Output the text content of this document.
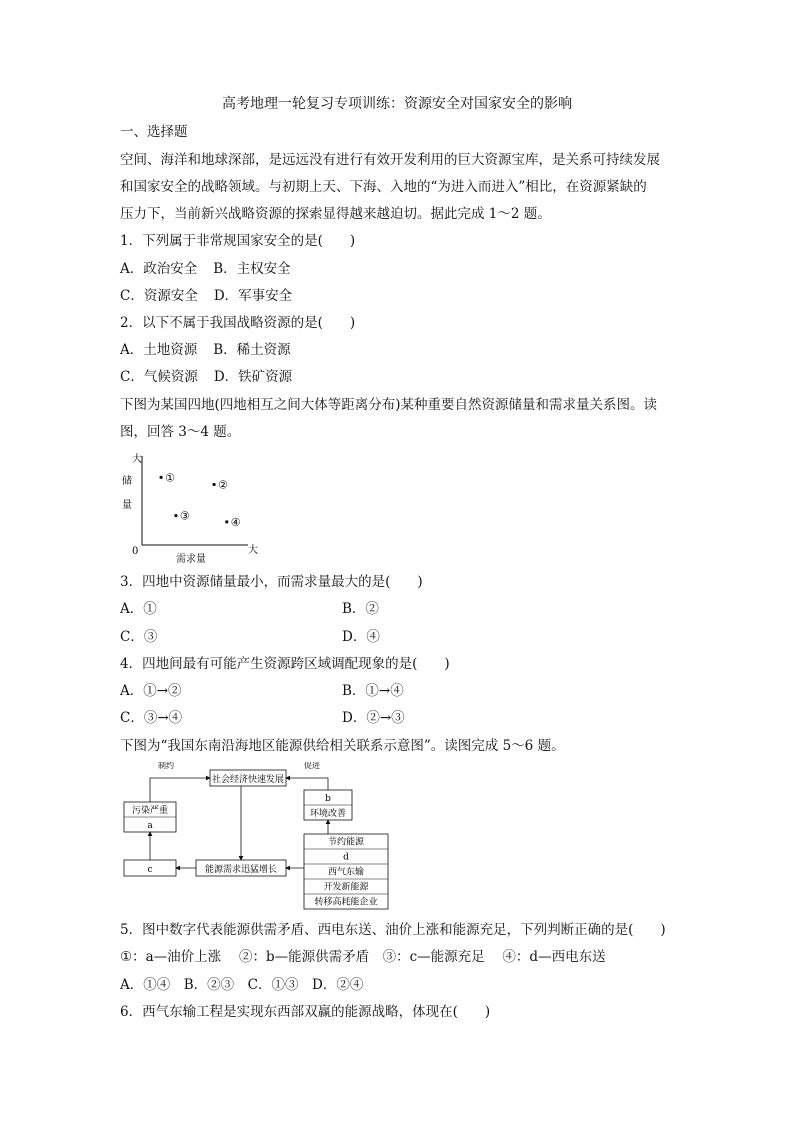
高考地理一轮复习专项训练：资源安全对国家安全的影响
一、选择题
空间、海洋和地球深部，是远远没有进行有效开发利用的巨大资源宝库，是关系可持续发展
和国家安全的战略领域。与初期上天、下海、入地的“为进入而进入”相比，在资源紧缺的
压力下，当前新兴战略资源的探索显得越来越迫切。据此完成 1～2 题。
1．下列属于非常规国家安全的是(　　)
A．政治安全 B．主权安全
C．资源安全 D．军事安全
2．以下不属于我国战略资源的是(　　)
A．土地资源 B．稀土资源
C．气候资源 D．铁矿资源
下图为某国四地(四地相互之间大体等距离分布)某种重要自然资源储量和需求量关系图。读
图，回答 3～4 题。
大
储
量
0
需求量
大
①
②
③	④
3．四地中资源储量最小，而需求量最大的是(　　)
A．①	B．②
C．③	D．④
4．四地间最有可能产生资源跨区域调配现象的是(　　)
A．①→②	B．①→④
C．③→④	D．②→③
下图为“我国东南沿海地区能源供给相关联系示意图”。读图完成 5～6 题。
社会经济快速发展
污染严重
a
c	能源需求迅猛增长
b
环境改善
节约能源
d
西气东输
开发新能源
转移高耗能企业
制约	促进
5．图中数字代表能源供需矛盾、西电东送、油价上涨和能源充足，下列判断正确的是(　　)
①：a—油价上涨　 ②：b—能源供需矛盾　③：c—能源充足　 ④：d—西电东送
A．①④　B．②③　C．①③　D．②④
6．西气东输工程是实现东西部双赢的能源战略，体现在(　　)
